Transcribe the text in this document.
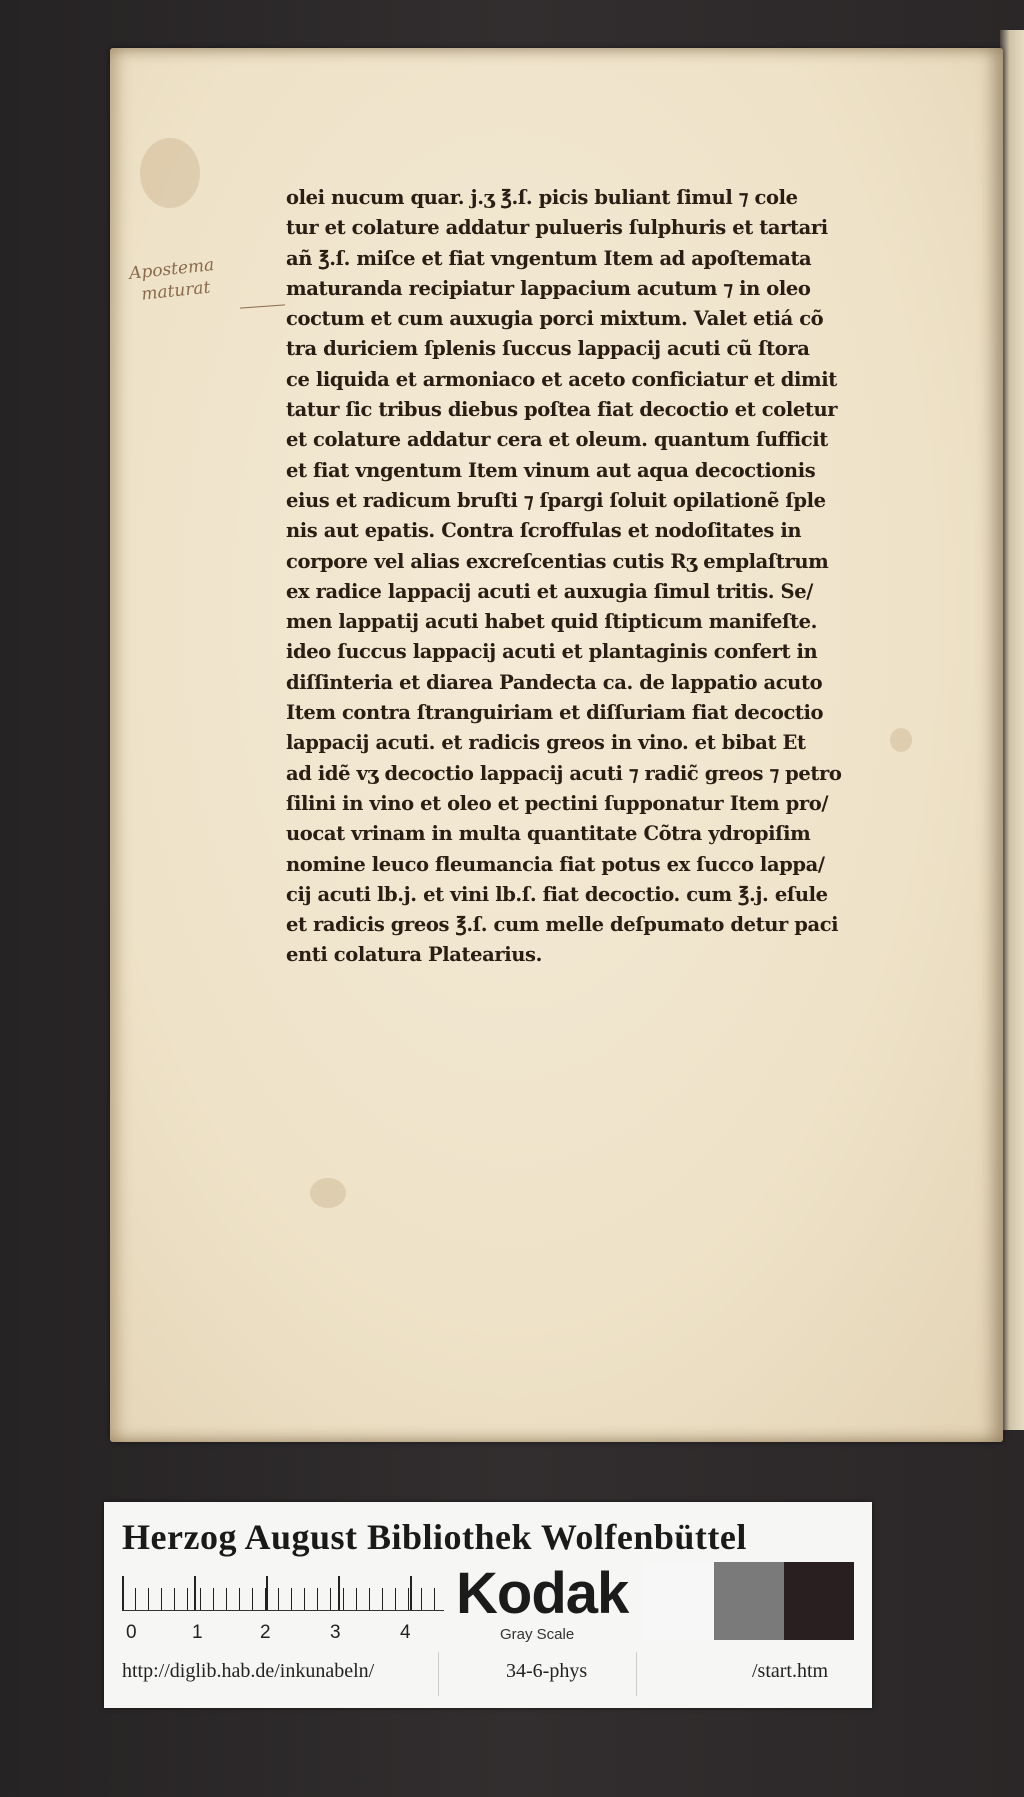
Apostema
maturat
olei nucum quar. j.ʒ ℥.ſ. picis buliant ſimul ⁊ cole
tur et colature addatur pulueris ſulphuris et tartari
añ ℥.ſ. miſce et fiat vngentum Item ad apoſtemata
maturanda recipiatur lappacium acutum ⁊ in oleo
coctum et cum auxugia porci mixtum. Valet etiá cõ
tra duriciem ſplenis ſuccus lappacij acuti cũ ſtora
ce liquida et armoniaco et aceto conficiatur et dimit
tatur ſic tribus diebus poſtea fiat decoctio et coletur
et colature addatur cera et oleum. quantum ſufficit
et fiat vngentum Item vinum aut aqua decoctionis
eius et radicum bruſti ⁊ ſpargi ſoluit opilationẽ ſple
nis aut epatis. Contra ſcroffulas et nodoſitates in
corpore vel alias excreſcentias cutis Rʒ emplaſtrum
ex radice lappacij acuti et auxugia ſimul tritis. Se/
men lappatij acuti habet quid ſtipticum manifeſte.
ideo ſuccus lappacij acuti et plantaginis confert in
diſſinteria et diarea Pandecta ca. de lappatio acuto
Item contra ſtranguiriam et diſſuriam fiat decoctio
lappacij acuti. et radicis greos in vino. et bibat Et
ad idẽ vʒ decoctio lappacij acuti ⁊ radic̃ greos ⁊ petro
ſilini in vino et oleo et pectini ſupponatur Item pro/
uocat vrinam in multa quantitate Cõtra ydropiſim
nomine leuco fleumancia fiat potus ex ſucco lappa/
cij acuti lb.j. et vini lb.ſ. fiat decoctio. cum ℥.j. eſule
et radicis greos ℥.ſ. cum melle deſpumato detur paci
enti colatura Platearius.
Herzog August Bibliothek Wolfenbüttel
0	1	2	3	4
Kodak
Gray Scale
http://diglib.hab.de/inkunabeln/	34-6-phys	/start.htm
